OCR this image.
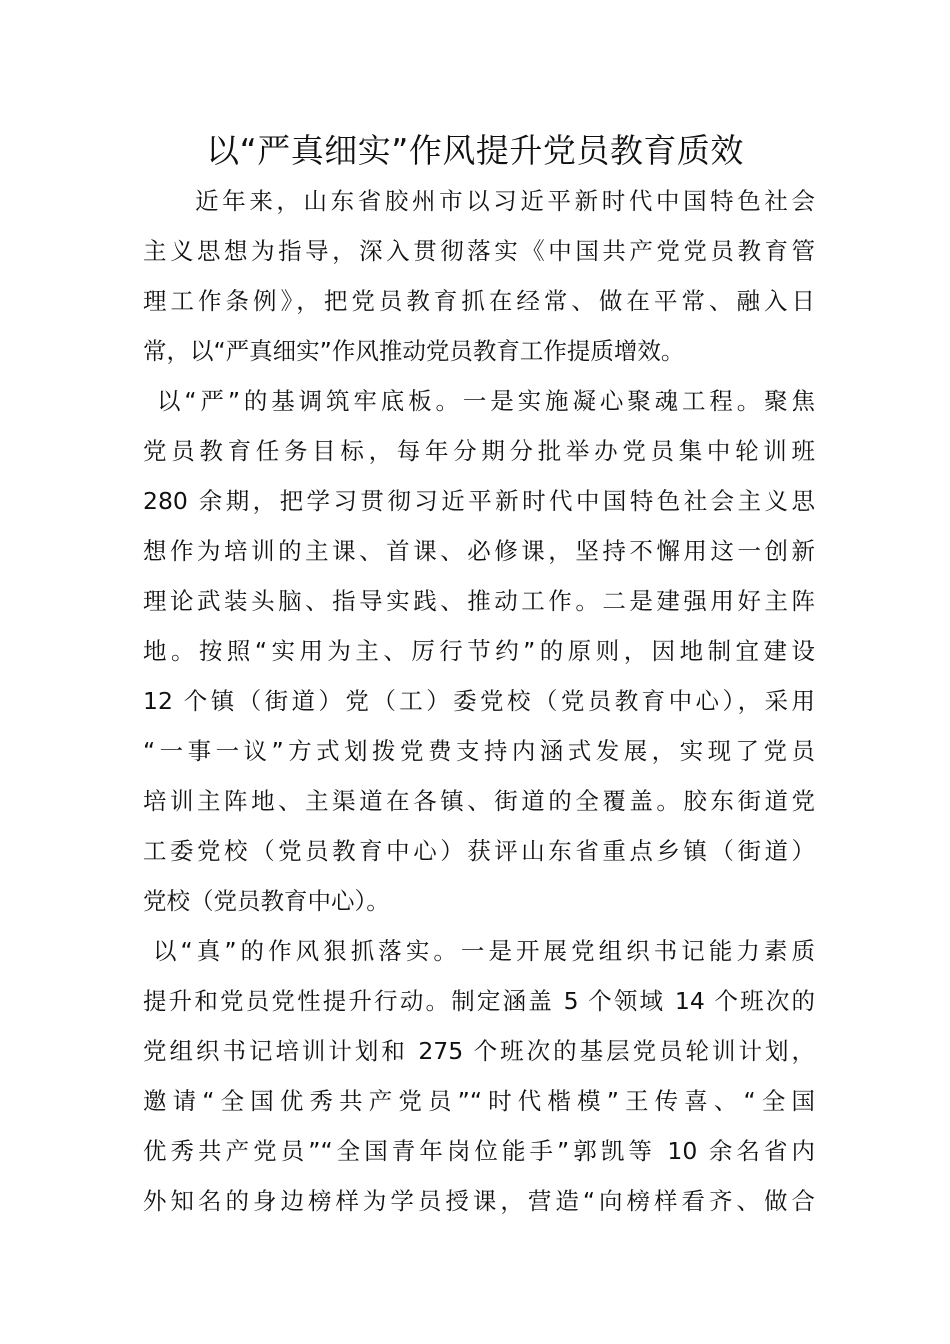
以“严真细实”作风提升党员教育质效

　近年来，山东省胶州市以习近平新时代中国特色社会

主义思想为指导，深入贯彻落实《中国共产党党员教育管

理工作条例》，把党员教育抓在经常、做在平常、融入日

常，以“严真细实”作风推动党员教育工作提质增效。

以“严”的基调筑牢底板。一是实施凝心聚魂工程。聚焦

党员教育任务目标，每年分期分批举办党员集中轮训班

280 余期，把学习贯彻习近平新时代中国特色社会主义思

想作为培训的主课、首课、必修课，坚持不懈用这一创新

理论武装头脑、指导实践、推动工作。二是建强用好主阵

地。按照“实用为主、厉行节约”的原则，因地制宜建设

12 个镇（街道）党（工）委党校（党员教育中心），采用

“一事一议”方式划拨党费支持内涵式发展，实现了党员

培训主阵地、主渠道在各镇、街道的全覆盖。胶东街道党

工委党校（党员教育中心）获评山东省重点乡镇（街道）

党校（党员教育中心）。

以“真”的作风狠抓落实。一是开展党组织书记能力素质

提升和党员党性提升行动。制定涵盖 5 个领域 14 个班次的

党组织书记培训计划和 275 个班次的基层党员轮训计划，

邀请“全国优秀共产党员”“时代楷模”王传喜、“全国

优秀共产党员”“全国青年岗位能手”郭凯等 10 余名省内

外知名的身边榜样为学员授课，营造“向榜样看齐、做合
